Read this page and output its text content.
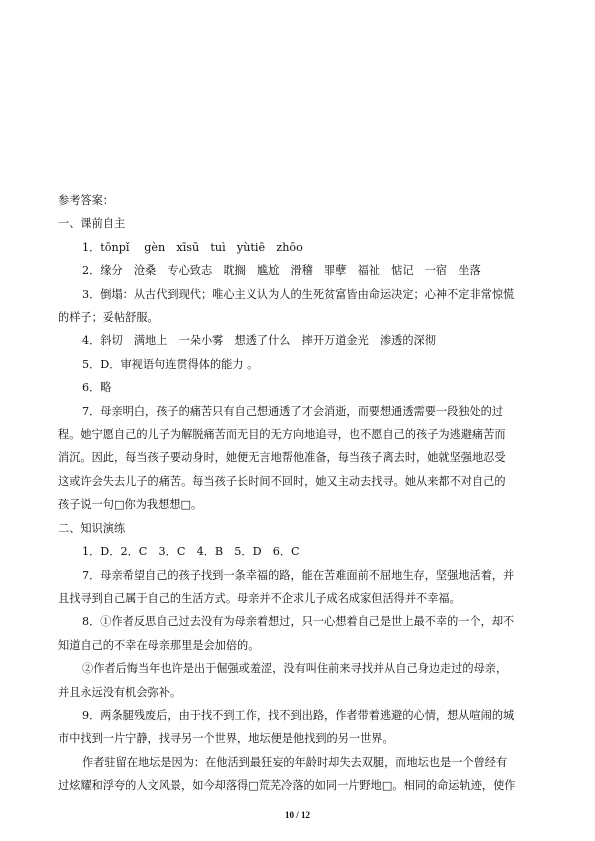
参考答案：
一、课前自主
1．tōnpǐ　 gèn　xīsū　tuì　yùtiē　zhōo
2．缘分　沧桑　专心致志　耽搁　尴尬　滑稽　罪孽　福祉　惦记　一宿　坐落
3．倒塌：从古代到现代；唯心主义认为人的生死贫富皆由命运决定；心神不定非常惊慌
的样子；妥帖舒服。
4．斜切　满地上　一朵小雾　想透了什么　摔开万道金光　渗透的深彻
5．D．审视语句连贯得体的能力 。
6．略
7．母亲明白，孩子的痛苦只有自己想通透了才会消逝，而要想通透需要一段独处的过
程。她宁愿自己的儿子为解脱痛苦而无目的无方向地追寻，也不愿自己的孩子为逃避痛苦而
消沉。因此，每当孩子要动身时，她便无言地帮他准备，每当孩子离去时，她就坚强地忍受
这或许会失去儿子的痛苦。每当孩子长时间不回时，她又主动去找寻。她从来都不对自己的
孩子说一句□你为我想想□。
二、知识演练
1．D．2．C　3．C　4．B　5．D　6．C
7．母亲希望自己的孩子找到一条幸福的路，能在苦难面前不屈地生存，坚强地活着，并
且找寻到自己属于自己的生活方式。母亲并不企求儿子成名成家但活得并不幸福。
8．①作者反思自己过去没有为母亲着想过，只一心想着自己是世上最不幸的一个，却不
知道自己的不幸在母亲那里是会加倍的。
②作者后悔当年也许是出于倔强或羞涩，没有叫住前来寻找并从自己身边走过的母亲，
并且永远没有机会弥补。
9．两条腿残废后，由于找不到工作，找不到出路，作者带着逃避的心情，想从喧闹的城
市中找到一片宁静，找寻另一个世界，地坛便是他找到的另一世界。
作者驻留在地坛是因为：在他活到最狂妄的年龄时却失去双腿，而地坛也是一个曾经有
过炫耀和浮夸的人文风景，如今却落得□荒芜冷落的如同一片野地□。相同的命运轨迹，使作
10 / 12
